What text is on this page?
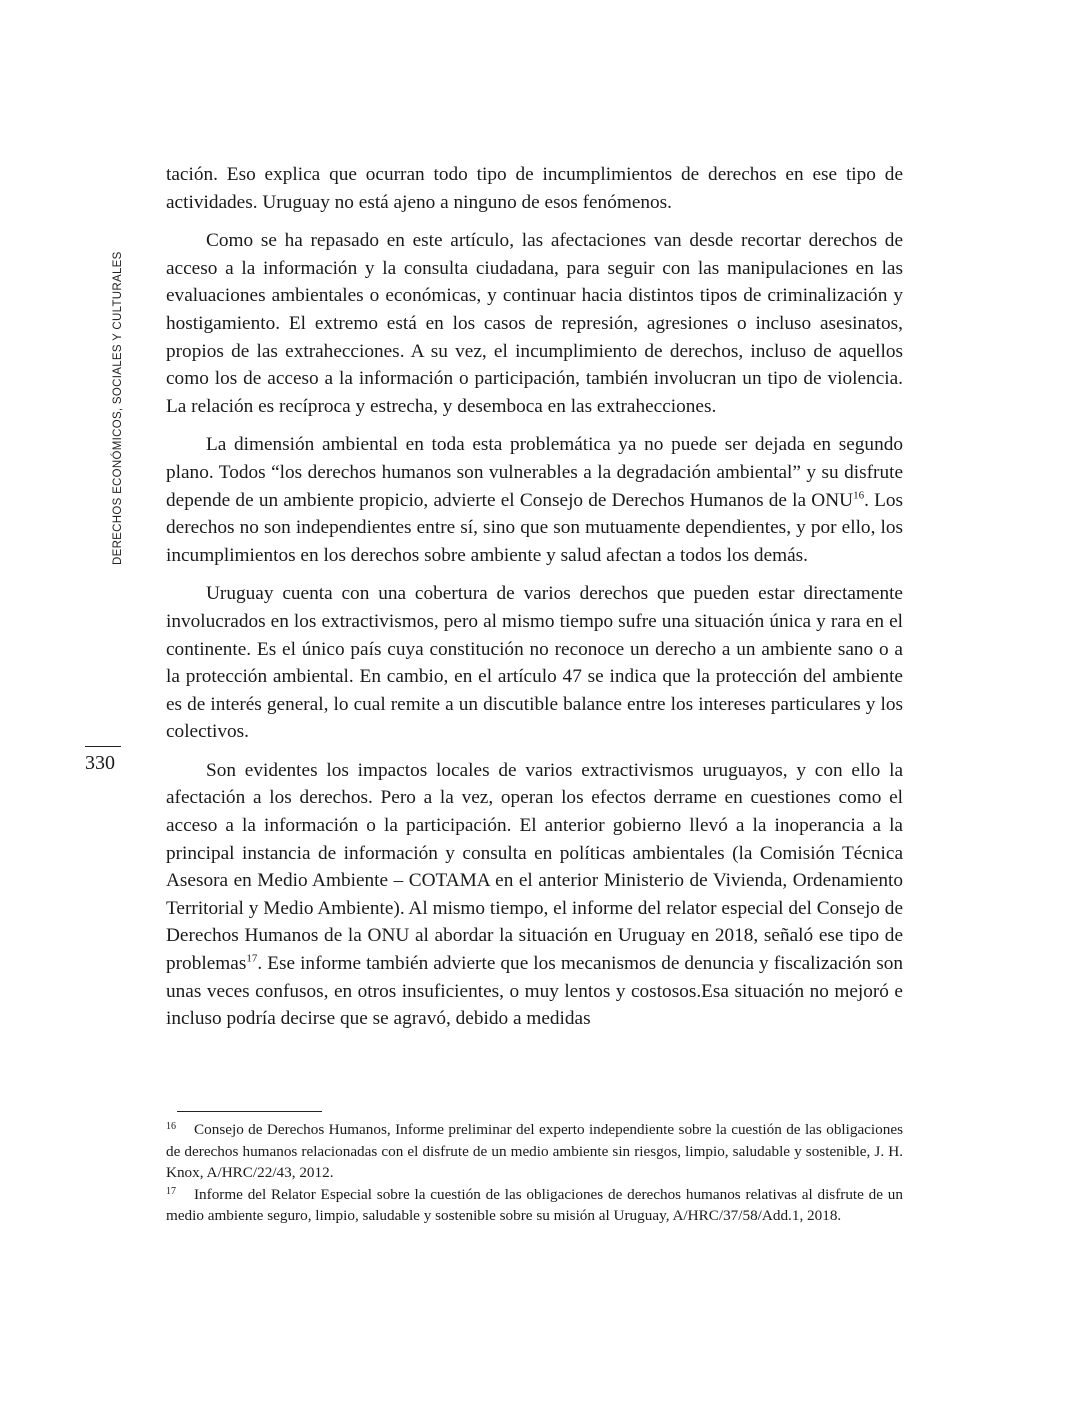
DERECHOS ECONÓMICOS, SOCIALES Y CULTURALES
330

tación. Eso explica que ocurran todo tipo de incumplimientos de derechos en ese tipo de actividades. Uruguay no está ajeno a ninguno de esos fenómenos.

Como se ha repasado en este artículo, las afectaciones van desde recortar derechos de acceso a la información y la consulta ciudadana, para seguir con las manipulaciones en las evaluaciones ambientales o económicas, y continuar hacia distintos tipos de criminalización y hostigamiento. El extremo está en los casos de represión, agresiones o incluso asesinatos, propios de las extrahecciones. A su vez, el incumplimiento de derechos, incluso de aquellos como los de acceso a la información o participación, también involucran un tipo de violencia. La relación es recíproca y estrecha, y desemboca en las extrahecciones.

La dimensión ambiental en toda esta problemática ya no puede ser dejada en segundo plano. Todos “los derechos humanos son vulnerables a la degradación ambiental” y su disfrute depende de un ambiente propicio, advierte el Consejo de Derechos Humanos de la ONU$^{16}$. Los derechos no son independientes entre sí, sino que son mutuamente dependientes, y por ello, los incumplimientos en los derechos sobre ambiente y salud afectan a todos los demás.

Uruguay cuenta con una cobertura de varios derechos que pueden estar directamente involucrados en los extractivismos, pero al mismo tiempo sufre una situación única y rara en el continente. Es el único país cuya constitución no reconoce un derecho a un ambiente sano o a la protección ambiental. En cambio, en el artículo 47 se indica que la protección del ambiente es de interés general, lo cual remite a un discutible balance entre los intereses particulares y los colectivos.

Son evidentes los impactos locales de varios extractivismos uruguayos, y con ello la afectación a los derechos. Pero a la vez, operan los efectos derrame en cuestiones como el acceso a la información o la participación. El anterior gobierno llevó a la inoperancia a la principal instancia de información y consulta en políticas ambientales (la Comisión Técnica Asesora en Medio Ambiente – COTAMA en el anterior Ministerio de Vivienda, Ordenamiento Territorial y Medio Ambiente). Al mismo tiempo, el informe del relator especial del Consejo de Derechos Humanos de la ONU al abordar la situación en Uruguay en 2018, señaló ese tipo de problemas$^{17}$. Ese informe también advierte que los mecanismos de denuncia y fiscalización son unas veces confusos, en otros insuficientes, o muy lentos y costosos.Esa situación no mejoró e incluso podría decirse que se agravó, debido a medidas

16 Consejo de Derechos Humanos, Informe preliminar del experto independiente sobre la cuestión de las obligaciones de derechos humanos relacionadas con el disfrute de un medio ambiente sin riesgos, limpio, saludable y sostenible, J. H. Knox, A/HRC/22/43, 2012.

17 Informe del Relator Especial sobre la cuestión de las obligaciones de derechos humanos relativas al disfrute de un medio ambiente seguro, limpio, saludable y sostenible sobre su misión al Uruguay, A/HRC/37/58/Add.1, 2018.
